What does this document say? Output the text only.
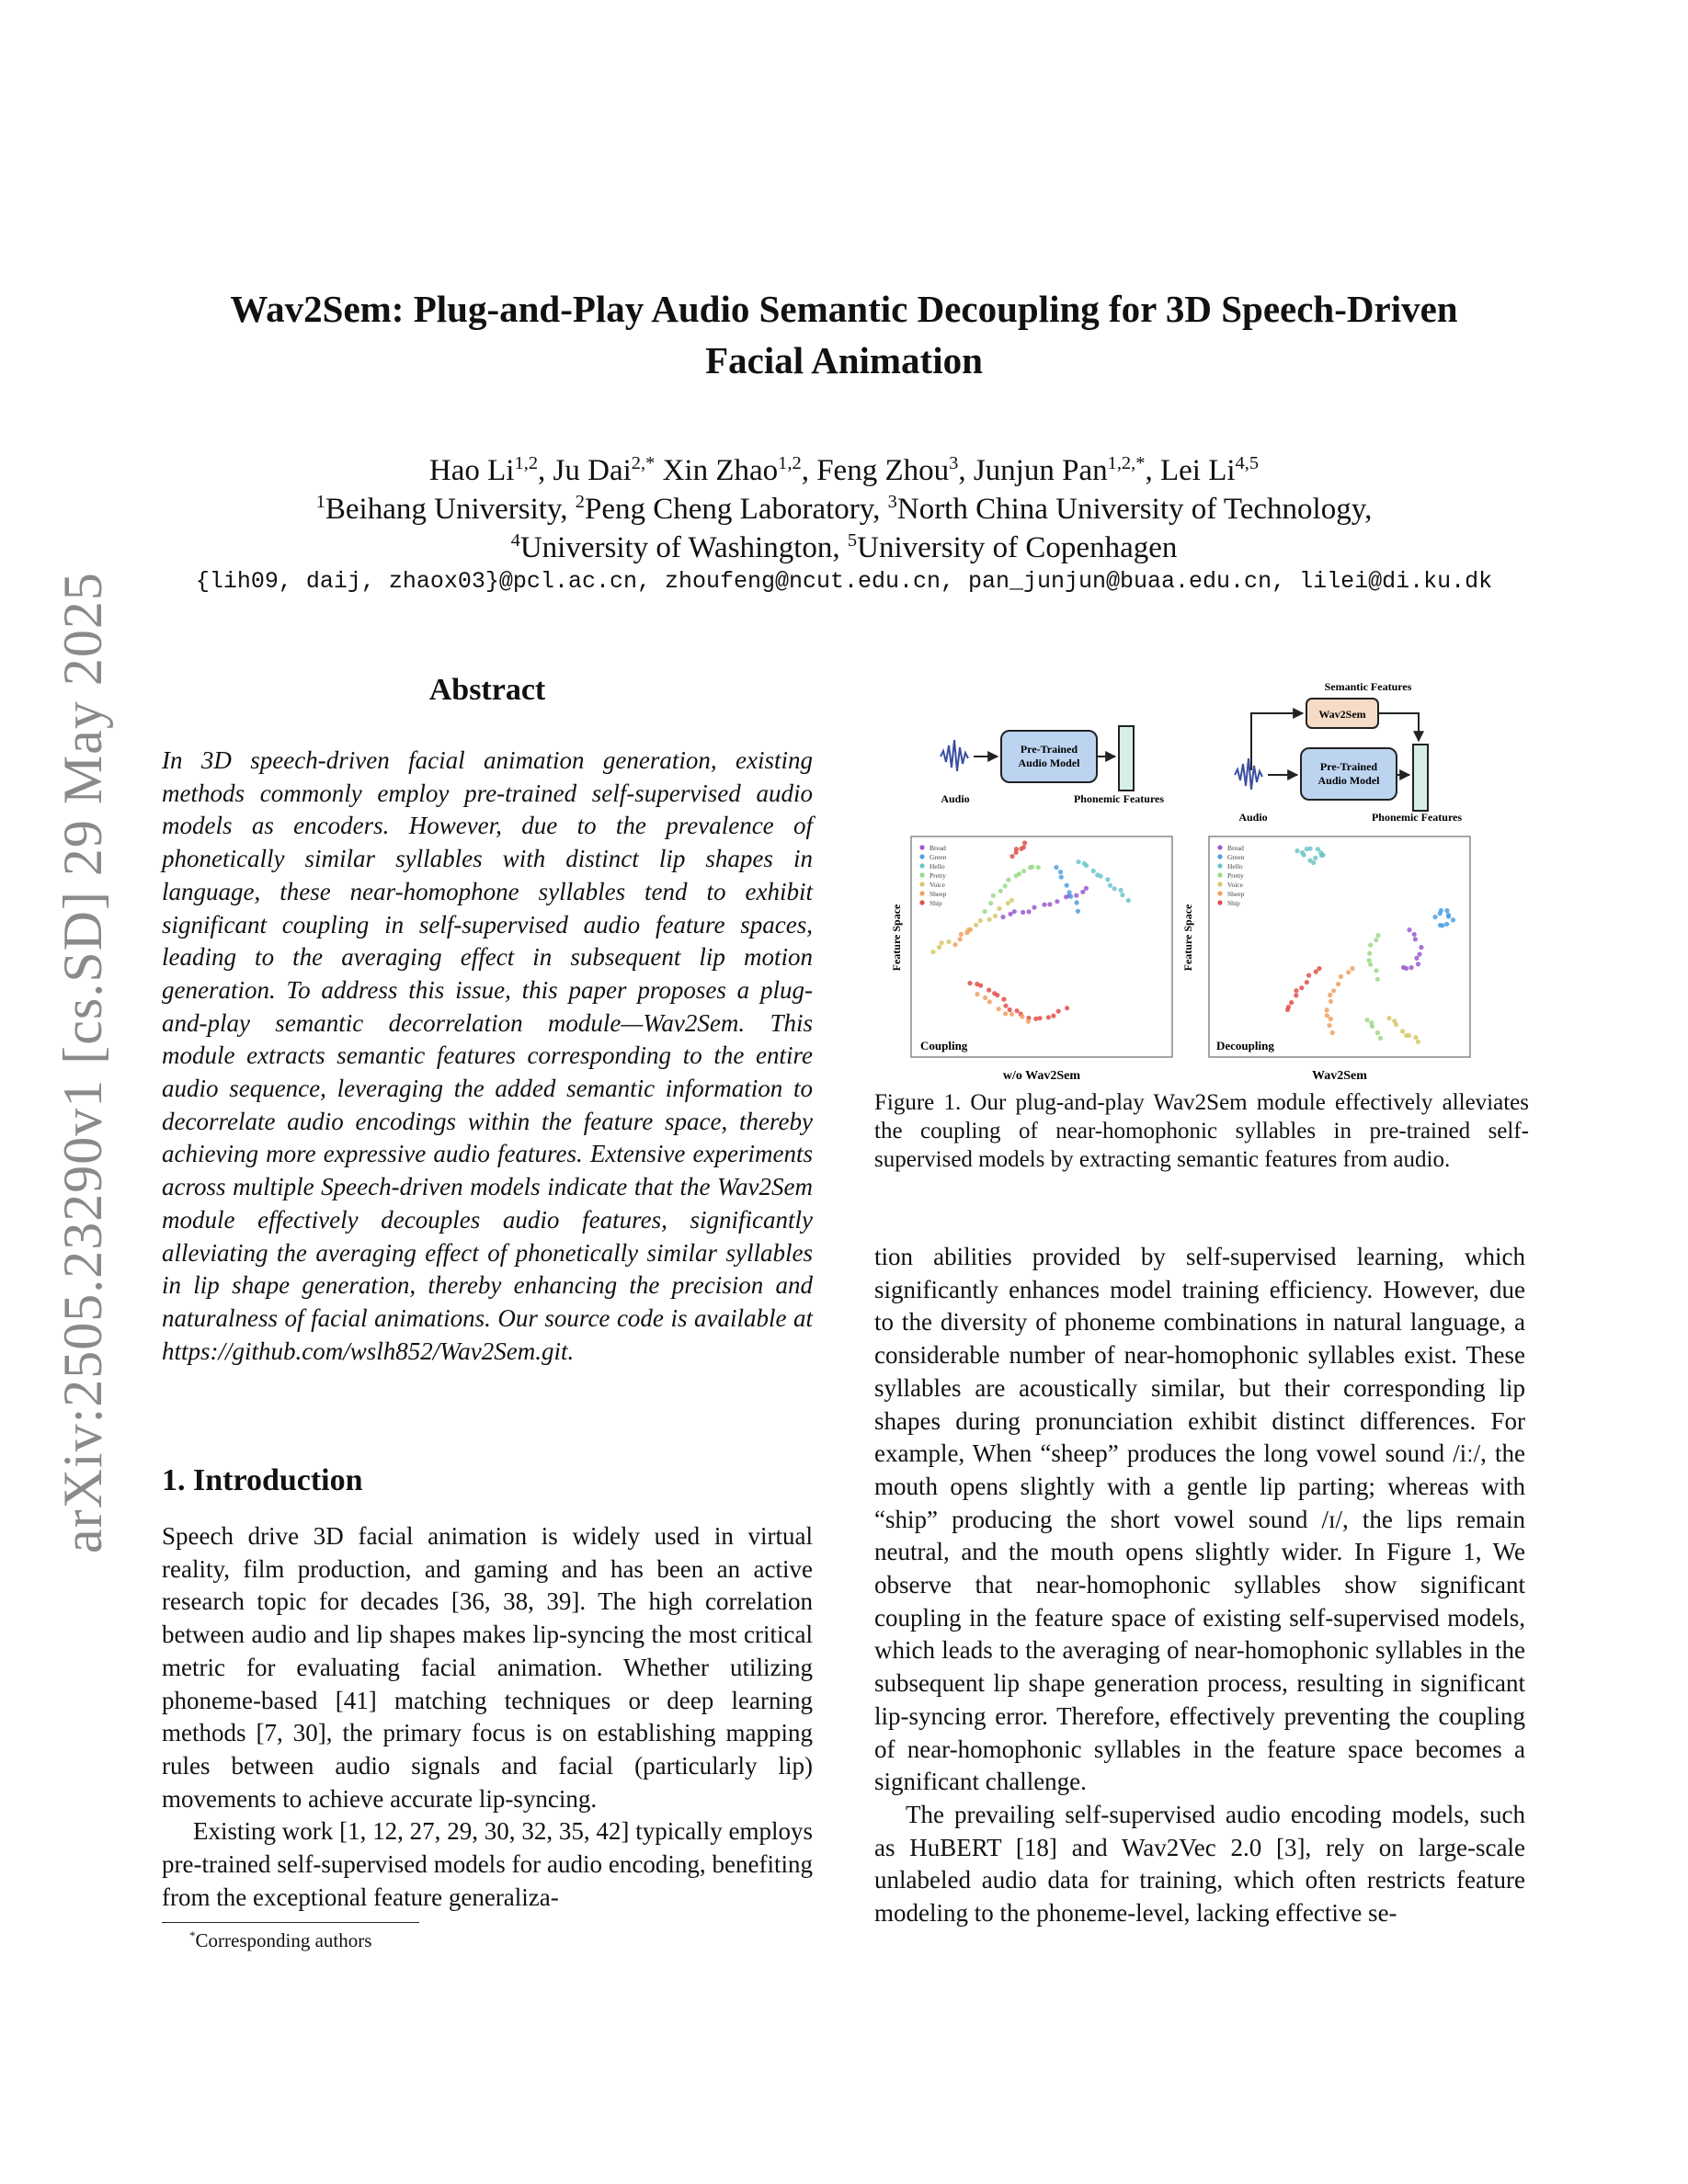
arXiv:2505.23290v1 [cs.SD] 29 May 2025
Wav2Sem: Plug-and-Play Audio Semantic Decoupling for 3D Speech-Driven
Facial Animation
Hao Li$^{1,2}$, Ju Dai$^{2,*}$ Xin Zhao$^{1,2}$, Feng Zhou$^3$, Junjun Pan$^{1,2,*}$, Lei Li$^{4,5}$
$^1$Beihang University, $^2$Peng Cheng Laboratory, $^3$North China University of Technology,
$^4$University of Washington, $^5$University of Copenhagen
{lih09, daij, zhaox03}@pcl.ac.cn, zhoufeng@ncut.edu.cn, pan_junjun@buaa.edu.cn, lilei@di.ku.dk
Abstract
In 3D speech-driven facial animation generation, existing methods commonly employ pre-trained self-supervised audio models as encoders. However, due to the prevalence of phonetically similar syllables with distinct lip shapes in language, these near-homophone syllables tend to exhibit significant coupling in self-supervised audio feature spaces, leading to the averaging effect in subsequent lip motion generation. To address this issue, this paper proposes a plug-and-play semantic decorrelation module—Wav2Sem. This module extracts semantic features corresponding to the entire audio sequence, leveraging the added semantic information to decorrelate audio encodings within the feature space, thereby achieving more expressive audio features. Extensive experiments across multiple Speech-driven models indicate that the Wav2Sem module effectively decouples audio features, significantly alleviating the averaging effect of phonetically similar syllables in lip shape generation, thereby enhancing the precision and naturalness of facial animations. Our source code is available at https://github.com/wslh852/Wav2Sem.git.
1. Introduction

Speech drive 3D facial animation is widely used in virtual reality, film production, and gaming and has been an active research topic for decades [36, 38, 39]. The high correlation between audio and lip shapes makes lip-syncing the most critical metric for evaluating facial animation. Whether utilizing phoneme-based [41] matching techniques or deep learning methods [7, 30], the primary focus is on establishing mapping rules between audio signals and facial (particularly lip) movements to achieve accurate lip-syncing.

Existing work [1, 12, 27, 29, 30, 32, 35, 42] typically employs pre-trained self-supervised models for audio encoding, benefiting from the exceptional feature generaliza-

*Corresponding authors
Pre-Trained
Audio Model
Audio	Phonemic Features
Semantic Features
Wav2Sem
Pre-Trained
Audio Model
Audio	Phonemic Features
Feature Space
Bread
Green
Hello
Pretty
Voice
Sheep
Ship
Coupling
w/o Wav2Sem
Feature Space
Bread
Green
Hello
Pretty
Voice
Sheep
Ship
Decoupling
Wav2Sem
Figure 1. Our plug-and-play Wav2Sem module effectively alleviates the coupling of near-homophonic syllables in pre-trained self-supervised models by extracting semantic features from audio.

tion abilities provided by self-supervised learning, which significantly enhances model training efficiency. However, due to the diversity of phoneme combinations in natural language, a considerable number of near-homophonic syllables exist. These syllables are acoustically similar, but their corresponding lip shapes during pronunciation exhibit distinct differences. For example, When “sheep” produces the long vowel sound /iː/, the mouth opens slightly with a gentle lip parting; whereas with “ship” producing the short vowel sound /ɪ/, the lips remain neutral, and the mouth opens slightly wider. In Figure 1, We observe that near-homophonic syllables show significant coupling in the feature space of existing self-supervised models, which leads to the averaging of near-homophonic syllables in the subsequent lip shape generation process, resulting in significant lip-syncing error. Therefore, effectively preventing the coupling of near-homophonic syllables in the feature space becomes a significant challenge.

The prevailing self-supervised audio encoding models, such as HuBERT [18] and Wav2Vec 2.0 [3], rely on large-scale unlabeled audio data for training, which often restricts feature modeling to the phoneme-level, lacking effective se-
